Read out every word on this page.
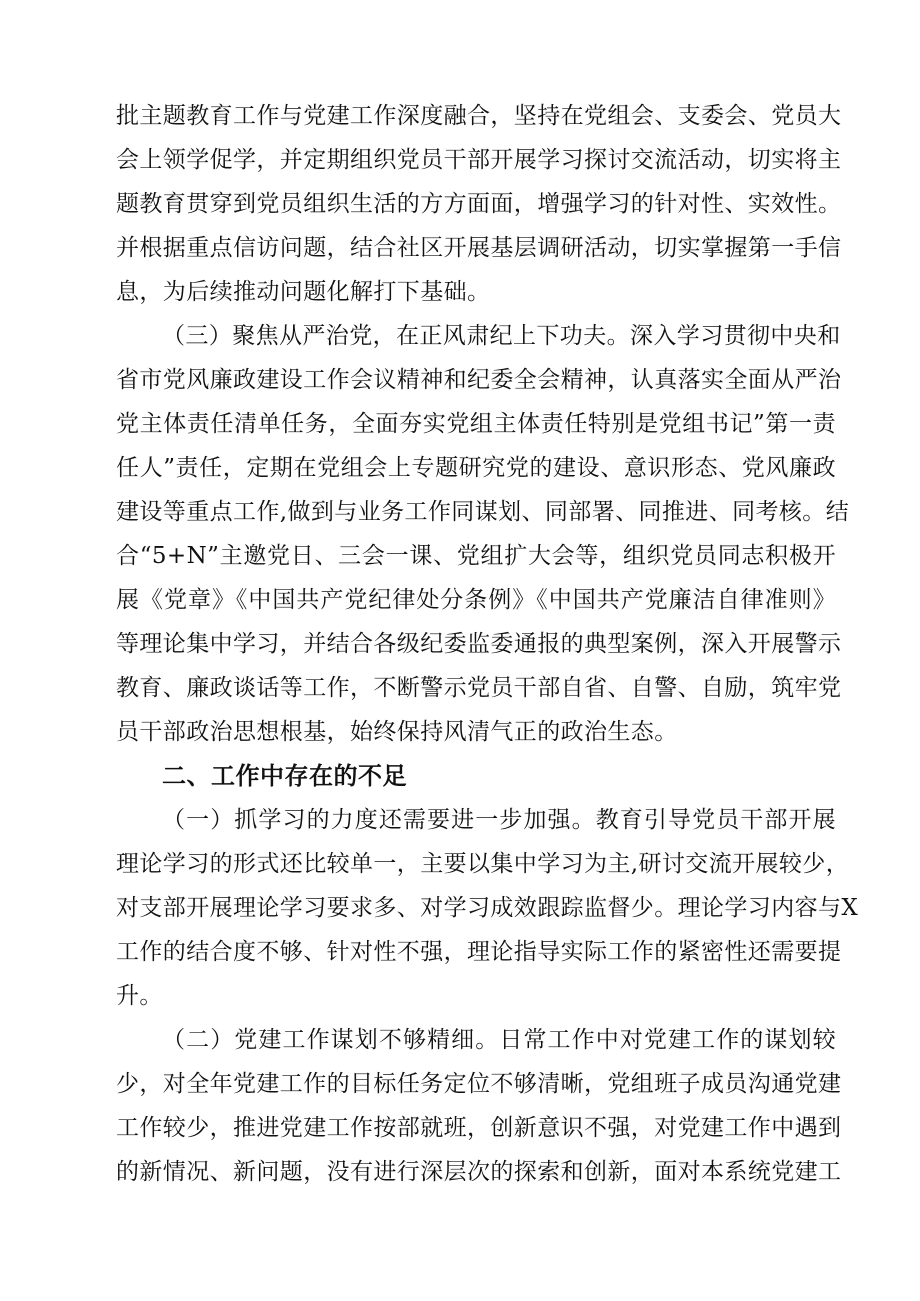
批主题教育工作与党建工作深度融合，坚持在党组会、支委会、党员大

会上领学促学，并定期组织党员干部开展学习探讨交流活动，切实将主

题教育贯穿到党员组织生活的方方面面，增强学习的针对性、实效性。

并根据重点信访问题，结合社区开展基层调研活动，切实掌握第一手信

息，为后续推动问题化解打下基础。

（三）聚焦从严治党，在正风肃纪上下功夫。深入学习贯彻中央和

省市党风廉政建设工作会议精神和纪委全会精神，认真落实全面从严治

党主体责任清单任务，全面夯实党组主体责任特别是党组书记”第一责

任人”责任，定期在党组会上专题研究党的建设、意识形态、党风廉政

建设等重点工作,做到与业务工作同谋划、同部署、同推进、同考核。结

合“5+N”主邀党日、三会一课、党组扩大会等，组织党员同志积极开

展《党章》《中国共产党纪律处分条例》《中国共产党廉洁自律准则》

等理论集中学习，并结合各级纪委监委通报的典型案例，深入开展警示

教育、廉政谈话等工作，不断警示党员干部自省、自警、自励，筑牢党

员干部政治思想根基，始终保持风清气正的政治生态。

二、工作中存在的不足

（一）抓学习的力度还需要进一步加强。教育引导党员干部开展

理论学习的形式还比较单一，主要以集中学习为主,研讨交流开展较少，

对支部开展理论学习要求多、对学习成效跟踪监督少。理论学习内容与X

工作的结合度不够、针对性不强，理论指导实际工作的紧密性还需要提

升。

（二）党建工作谋划不够精细。日常工作中对党建工作的谋划较

少，对全年党建工作的目标任务定位不够清晰，党组班子成员沟通党建

工作较少，推进党建工作按部就班，创新意识不强，对党建工作中遇到

的新情况、新问题，没有进行深层次的探索和创新，面对本系统党建工
